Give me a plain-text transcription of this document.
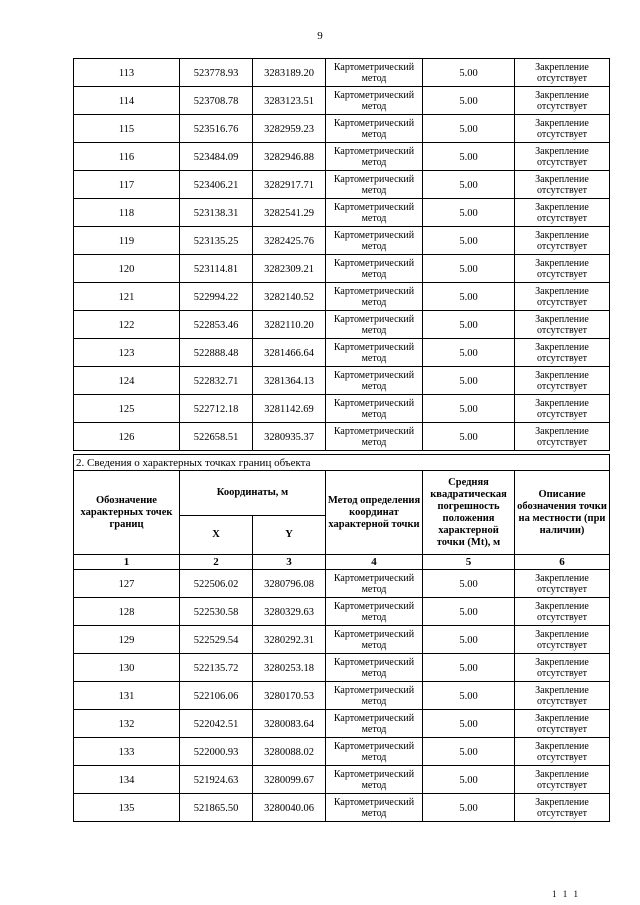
9
113	523778.93	3283189.20	Картометрический метод	5.00	Закрепление отсутствует
114	523708.78	3283123.51	Картометрический метод	5.00	Закрепление отсутствует
115	523516.76	3282959.23	Картометрический метод	5.00	Закрепление отсутствует
116	523484.09	3282946.88	Картометрический метод	5.00	Закрепление отсутствует
117	523406.21	3282917.71	Картометрический метод	5.00	Закрепление отсутствует
118	523138.31	3282541.29	Картометрический метод	5.00	Закрепление отсутствует
119	523135.25	3282425.76	Картометрический метод	5.00	Закрепление отсутствует
120	523114.81	3282309.21	Картометрический метод	5.00	Закрепление отсутствует
121	522994.22	3282140.52	Картометрический метод	5.00	Закрепление отсутствует
122	522853.46	3282110.20	Картометрический метод	5.00	Закрепление отсутствует
123	522888.48	3281466.64	Картометрический метод	5.00	Закрепление отсутствует
124	522832.71	3281364.13	Картометрический метод	5.00	Закрепление отсутствует
125	522712.18	3281142.69	Картометрический метод	5.00	Закрепление отсутствует
126	522658.51	3280935.37	Картометрический метод	5.00	Закрепление отсутствует
2. Сведения о характерных точках границ объекта					
Обозначение характерных точек границ	Координаты, м		Метод определения координат характерной точки	Средняя квадратическая погрешность положения характерной точки (Mt), м	Описание обозначения точки на местности (при наличии)
	X	Y			
1	2	3	4	5	6
127	522506.02	3280796.08	Картометрический метод	5.00	Закрепление отсутствует
128	522530.58	3280329.63	Картометрический метод	5.00	Закрепление отсутствует
129	522529.54	3280292.31	Картометрический метод	5.00	Закрепление отсутствует
130	522135.72	3280253.18	Картометрический метод	5.00	Закрепление отсутствует
131	522106.06	3280170.53	Картометрический метод	5.00	Закрепление отсутствует
132	522042.51	3280083.64	Картометрический метод	5.00	Закрепление отсутствует
133	522000.93	3280088.02	Картометрический метод	5.00	Закрепление отсутствует
134	521924.63	3280099.67	Картометрический метод	5.00	Закрепление отсутствует
135	521865.50	3280040.06	Картометрический метод	5.00	Закрепление отсутствует
1 1 1
